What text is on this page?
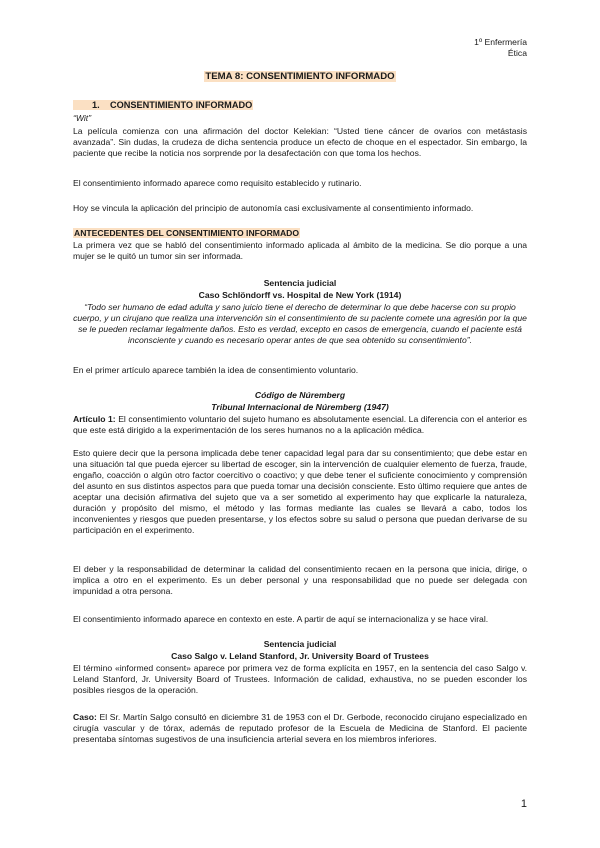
1º Enfermería
Ética
TEMA 8: CONSENTIMIENTO INFORMADO
1. CONSENTIMIENTO INFORMADO

“Wit”

La película comienza con una afirmación del doctor Kelekian: “Usted tiene cáncer de ovarios con metástasis avanzada”. Sin dudas, la crudeza de dicha sentencia produce un efecto de choque en el espectador. Sin embargo, la paciente que recibe la noticia nos sorprende por la desafectación con que toma los hechos.

El consentimiento informado aparece como requisito establecido y rutinario.

Hoy se vincula la aplicación del principio de autonomía casi exclusivamente al consentimiento informado.

ANTECEDENTES DEL CONSENTIMIENTO INFORMADO

La primera vez que se habló del consentimiento informado aplicada al ámbito de la medicina. Se dio porque a una mujer se le quitó un tumor sin ser informada.

Sentencia judicial

Caso Schlöndorff vs. Hospital de New York (1914)

“Todo ser humano de edad adulta y sano juicio tiene el derecho de determinar lo que debe hacerse con su propio cuerpo, y un cirujano que realiza una intervención sin el consentimiento de su paciente comete una agresión por la que se le pueden reclamar legalmente daños. Esto es verdad, excepto en casos de emergencia, cuando el paciente está inconsciente y cuando es necesario operar antes de que sea obtenido su consentimiento”.

En el primer artículo aparece también la idea de consentimiento voluntario.

Código de Núremberg

Tribunal Internacional de Núremberg (1947)

Artículo 1: El consentimiento voluntario del sujeto humano es absolutamente esencial. La diferencia con el anterior es que este está dirigido a la experimentación de los seres humanos no a la aplicación médica.

Esto quiere decir que la persona implicada debe tener capacidad legal para dar su consentimiento; que debe estar en una situación tal que pueda ejercer su libertad de escoger, sin la intervención de cualquier elemento de fuerza, fraude, engaño, coacción o algún otro factor coercitivo o coactivo; y que debe tener el suficiente conocimiento y comprensión del asunto en sus distintos aspectos para que pueda tomar una decisión consciente. Esto último requiere que antes de aceptar una decisión afirmativa del sujeto que va a ser sometido al experimento hay que explicarle la naturaleza, duración y propósito del mismo, el método y las formas mediante las cuales se llevará a cabo, todos los inconvenientes y riesgos que pueden presentarse, y los efectos sobre su salud o persona que puedan derivarse de su participación en el experimento.

El deber y la responsabilidad de determinar la calidad del consentimiento recaen en la persona que inicia, dirige, o implica a otro en el experimento. Es un deber personal y una responsabilidad que no puede ser delegada con impunidad a otra persona.

El consentimiento informado aparece en contexto en este. A partir de aquí se internacionaliza y se hace viral.

Sentencia judicial

Caso Salgo v. Leland Stanford, Jr. University Board of Trustees

El término «informed consent» aparece por primera vez de forma explícita en 1957, en la sentencia del caso Salgo v. Leland Stanford, Jr. University Board of Trustees. Información de calidad, exhaustiva, no se pueden esconder los posibles riesgos de la operación.

Caso: El Sr. Martín Salgo consultó en diciembre 31 de 1953 con el Dr. Gerbode, reconocido cirujano especializado en cirugía vascular y de tórax, además de reputado profesor de la Escuela de Medicina de Stanford. El paciente presentaba síntomas sugestivos de una insuficiencia arterial severa en los miembros inferiores.

1
